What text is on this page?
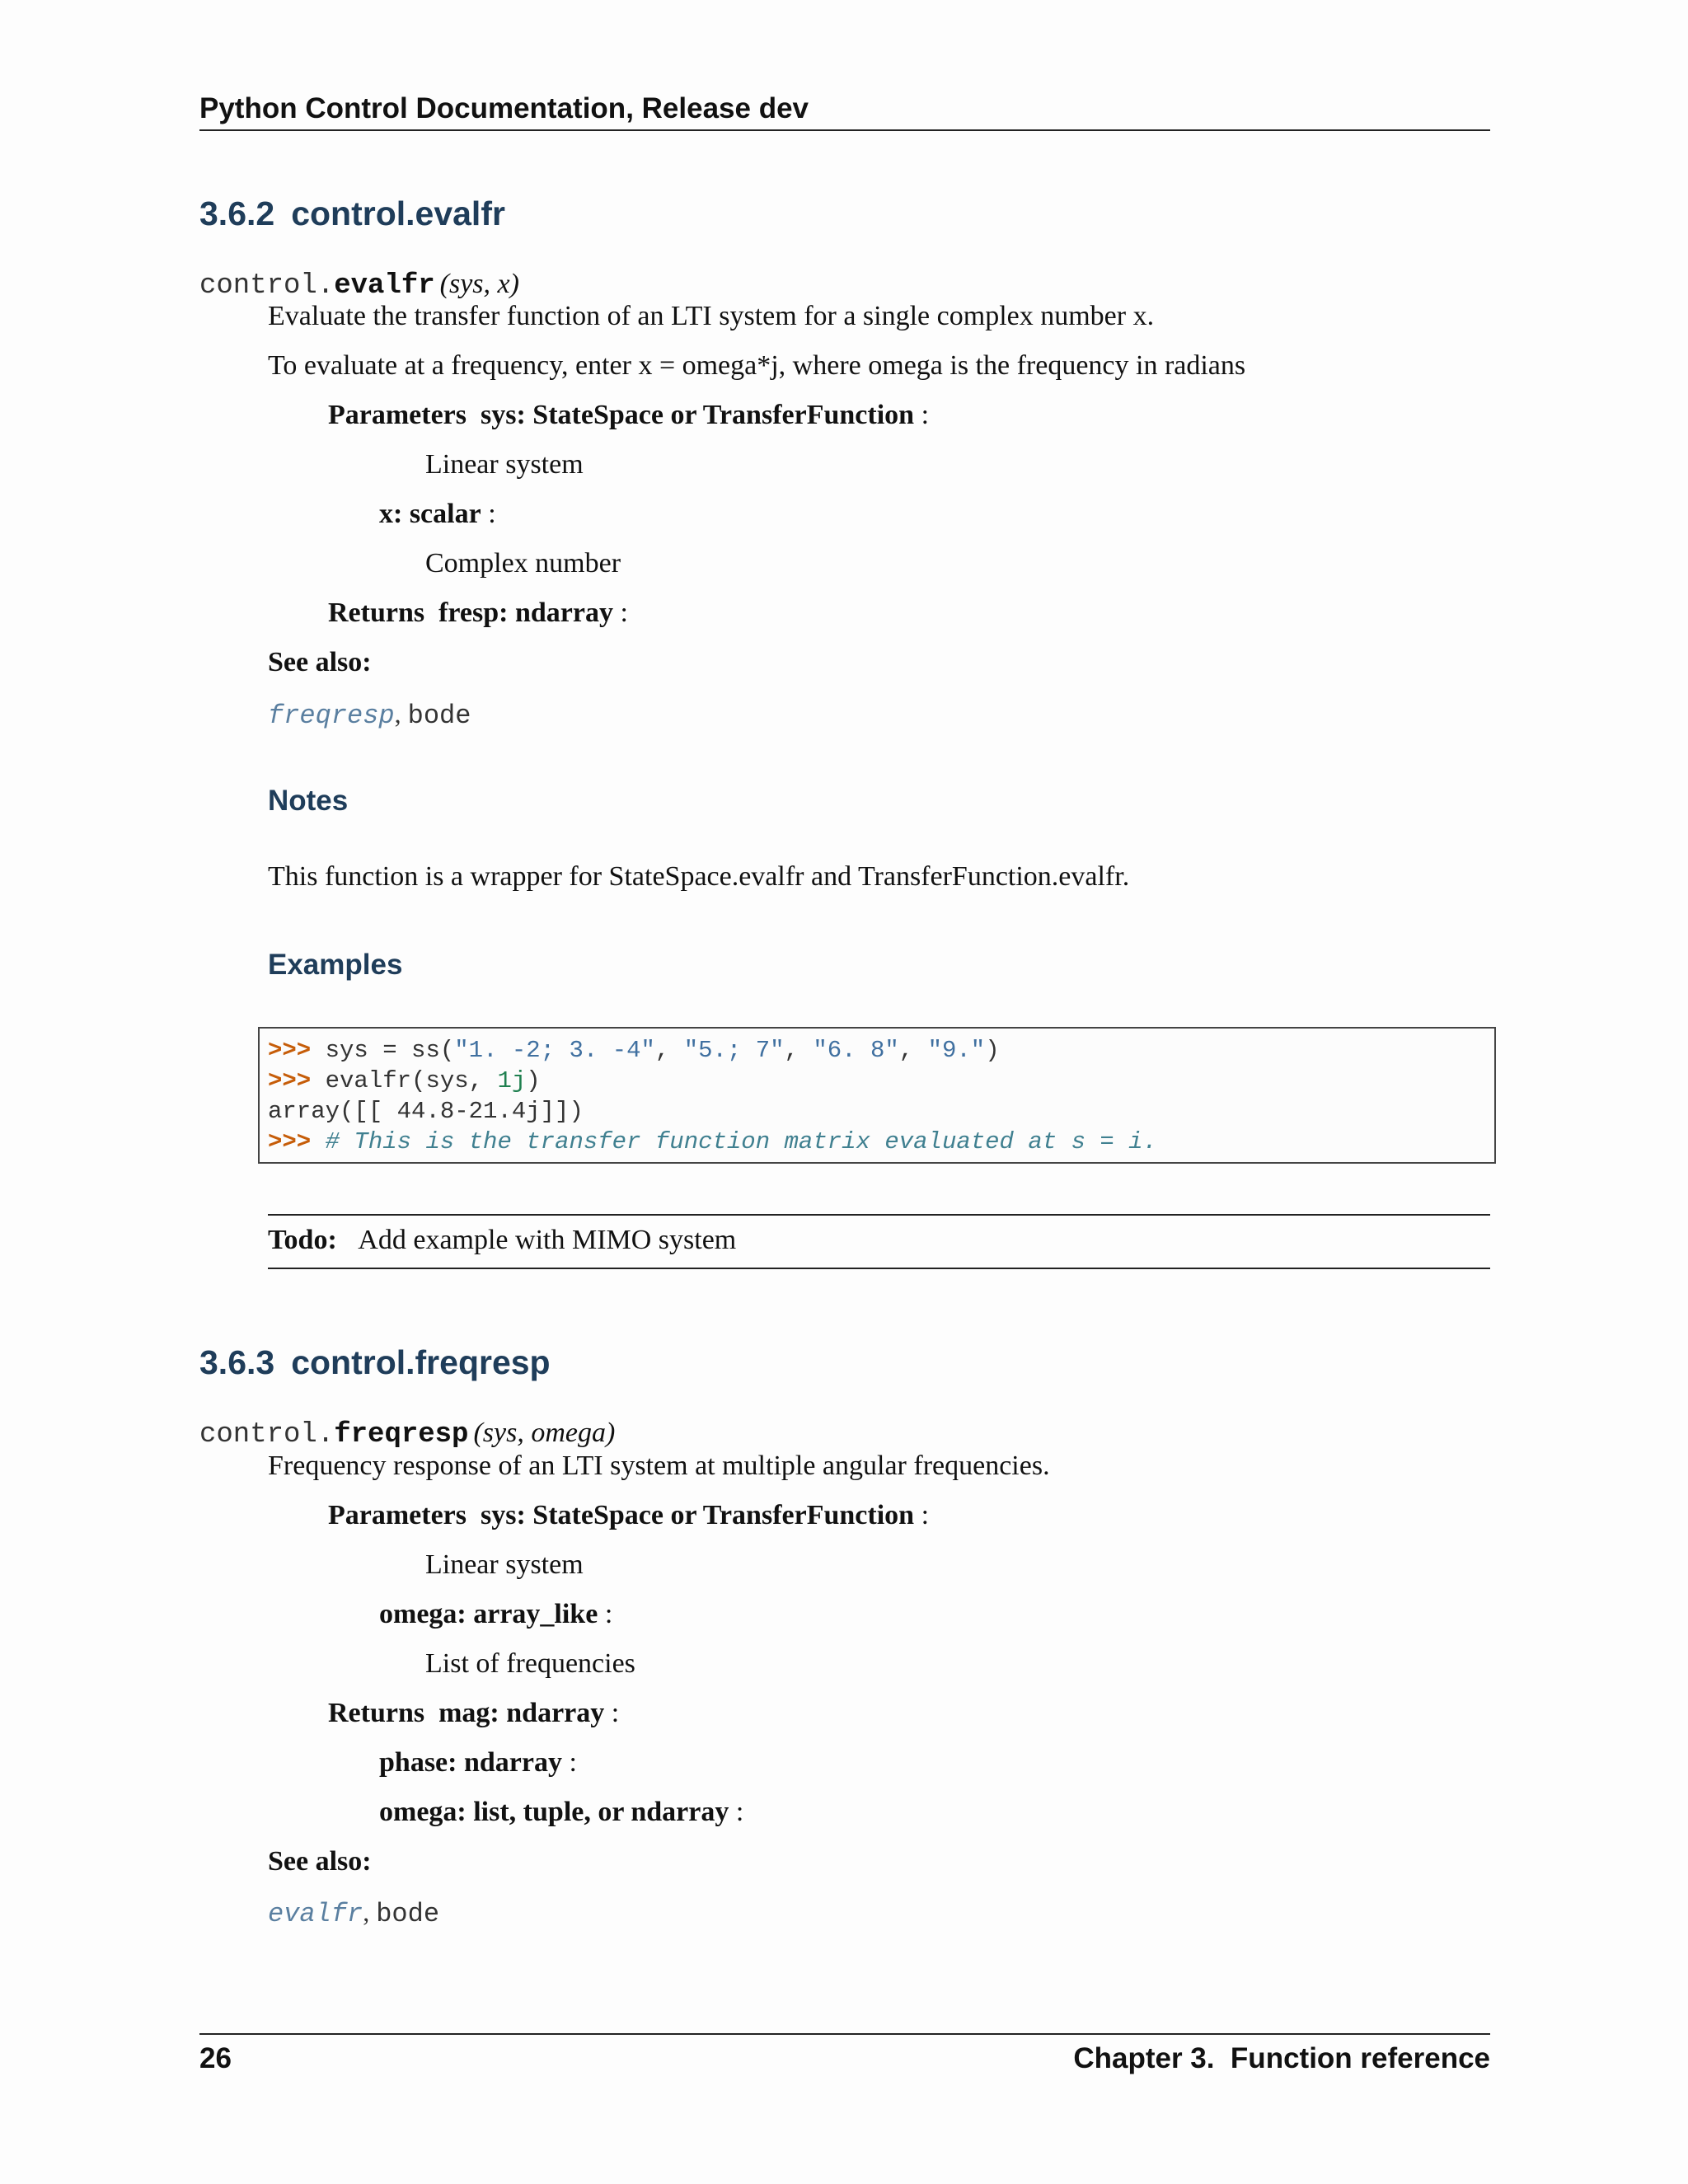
Python Control Documentation, Release dev
3.6.2 control.evalfr
control.evalfr (sys, x)
Evaluate the transfer function of an LTI system for a single complex number x.
To evaluate at a frequency, enter x = omega*j, where omega is the frequency in radians
Parameters sys: StateSpace or TransferFunction :
Linear system
x: scalar :
Complex number
Returns fresp: ndarray :
See also:
freqresp, bode
Notes
This function is a wrapper for StateSpace.evalfr and TransferFunction.evalfr.
Examples
>>> sys = ss("1. -2; 3. -4", "5.; 7", "6. 8", "9.")
>>> evalfr(sys, 1j)
array([[ 44.8-21.4j]])
>>> # This is the transfer function matrix evaluated at s = i.
Todo: Add example with MIMO system
3.6.3 control.freqresp
control.freqresp (sys, omega)
Frequency response of an LTI system at multiple angular frequencies.
Parameters sys: StateSpace or TransferFunction :
Linear system
omega: array_like :
List of frequencies
Returns mag: ndarray :
phase: ndarray :
omega: list, tuple, or ndarray :
See also:
evalfr, bode
26	Chapter 3.  Function reference
